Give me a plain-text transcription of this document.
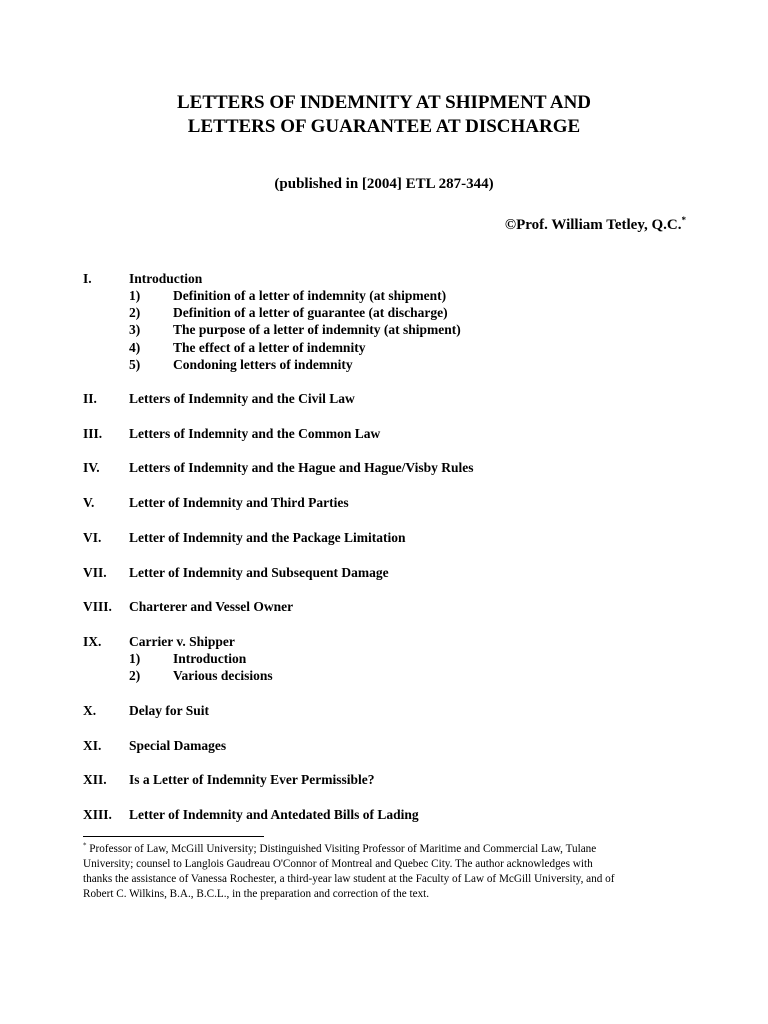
LETTERS OF INDEMNITY AT SHIPMENT AND
LETTERS OF GUARANTEE AT DISCHARGE
(published in [2004] ETL 287-344)
©Prof. William Tetley, Q.C.*
I.	Introduction
1) Definition of a letter of indemnity (at shipment)
2) Definition of a letter of guarantee (at discharge)
3) The purpose of a letter of indemnity (at shipment)
4) The effect of a letter of indemnity
5) Condoning letters of indemnity
II. Letters of Indemnity and the Civil Law
III. Letters of Indemnity and the Common Law
IV. Letters of Indemnity and the Hague and Hague/Visby Rules
V.	Letter of Indemnity and Third Parties
VI. Letter of Indemnity and the Package Limitation
VII. Letter of Indemnity and Subsequent Damage
VIII. Charterer and Vessel Owner
IX. Carrier v. Shipper
1) Introduction
2) Various decisions
X. Delay for Suit
XI. Special Damages
XII. Is a Letter of Indemnity Ever Permissible?
XIII. Letter of Indemnity and Antedated Bills of Lading
* Professor of Law, McGill University; Distinguished Visiting Professor of Maritime and Commercial Law, Tulane
University; counsel to Langlois Gaudreau O'Connor of Montreal and Quebec City. The author acknowledges with
thanks the assistance of Vanessa Rochester, a third-year law student at the Faculty of Law of McGill University, and of
Robert C. Wilkins, B.A., B.C.L., in the preparation and correction of the text.
